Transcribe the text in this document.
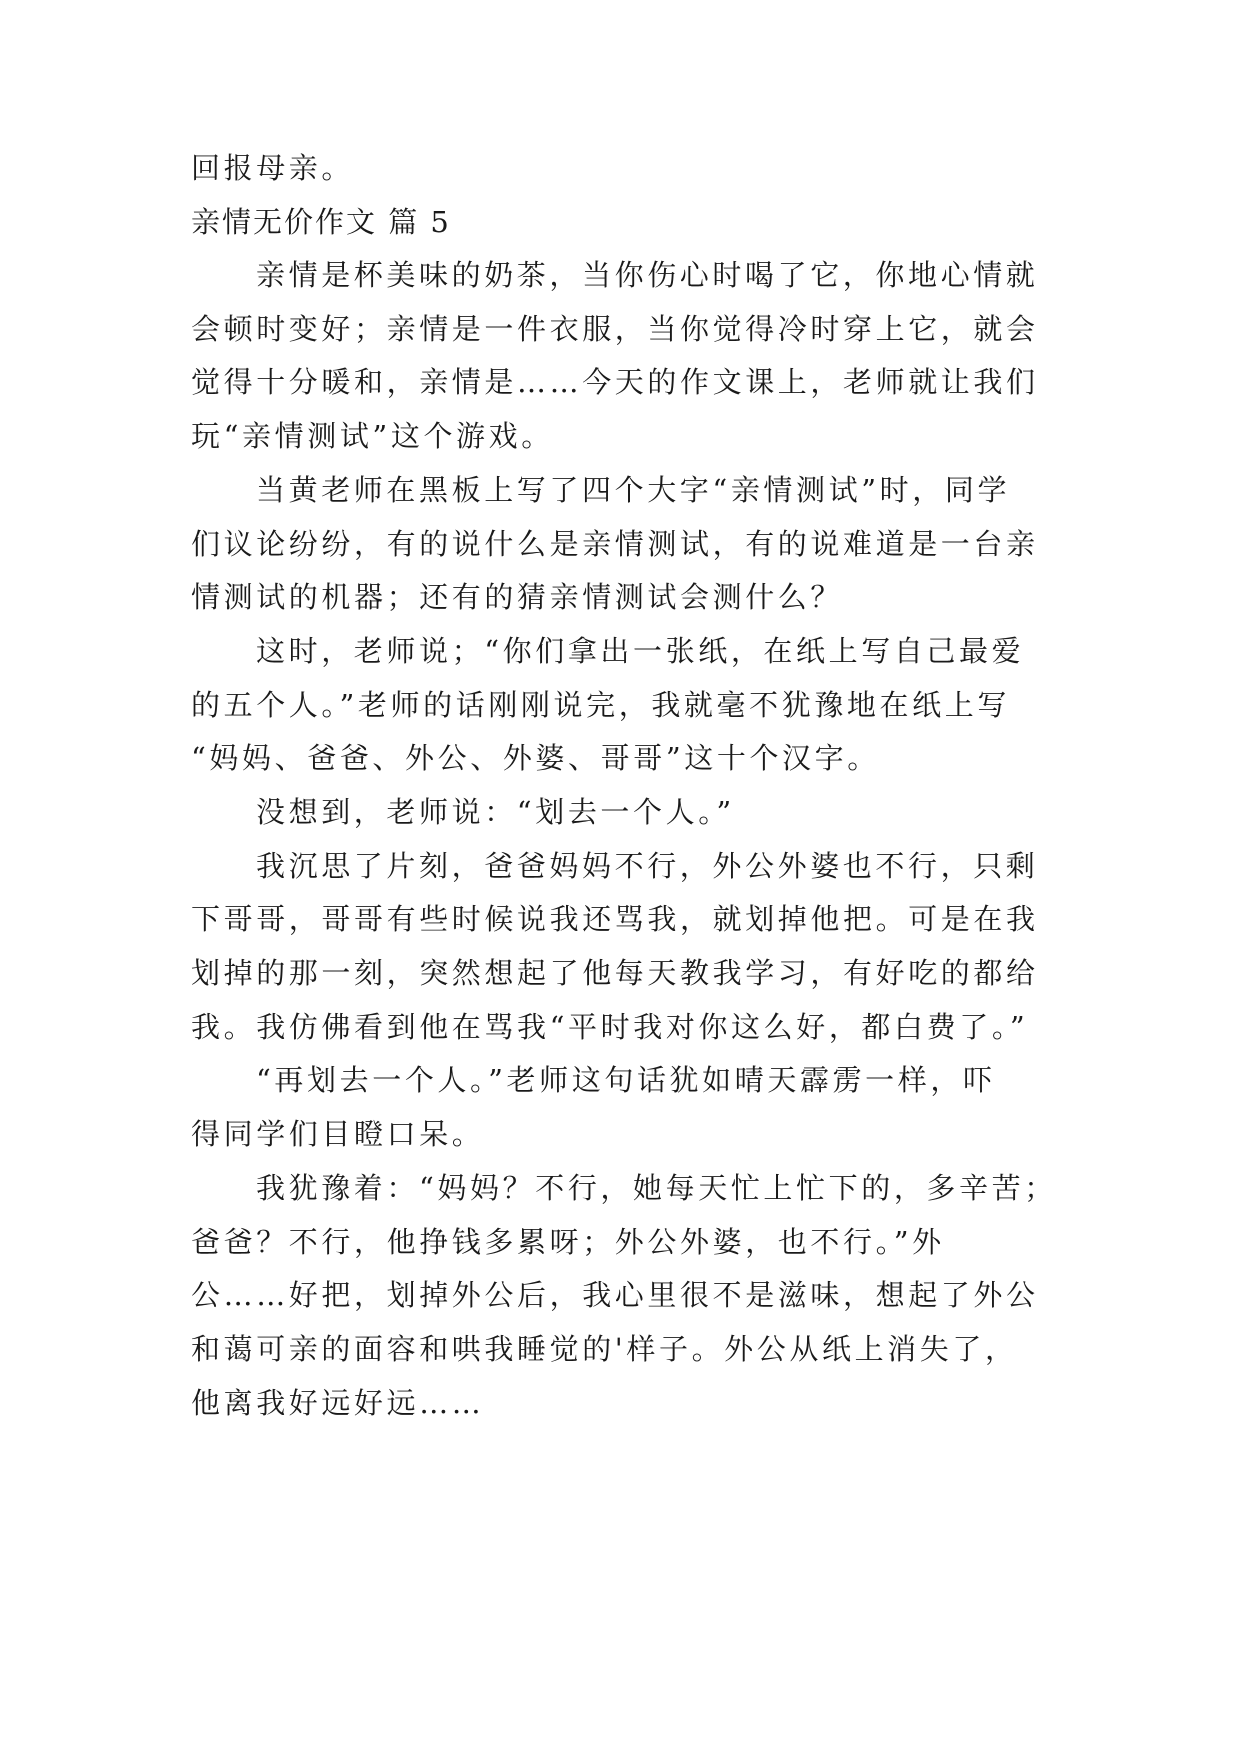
回报母亲。
亲情无价作文 篇 5
亲情是杯美味的奶茶，当你伤心时喝了它，你地心情就
会顿时变好；亲情是一件衣服，当你觉得冷时穿上它，就会
觉得十分暖和，亲情是……今天的作文课上，老师就让我们
玩“亲情测试”这个游戏。
当黄老师在黑板上写了四个大字“亲情测试”时，同学
们议论纷纷，有的说什么是亲情测试，有的说难道是一台亲
情测试的机器；还有的猜亲情测试会测什么？
这时，老师说；“你们拿出一张纸，在纸上写自己最爱
的五个人。”老师的话刚刚说完，我就毫不犹豫地在纸上写
“妈妈、爸爸、外公、外婆、哥哥”这十个汉字。
没想到，老师说：“划去一个人。”
我沉思了片刻，爸爸妈妈不行，外公外婆也不行，只剩
下哥哥，哥哥有些时候说我还骂我，就划掉他把。可是在我
划掉的那一刻，突然想起了他每天教我学习，有好吃的都给
我。我仿佛看到他在骂我“平时我对你这么好，都白费了。”
“再划去一个人。”老师这句话犹如晴天霹雳一样，吓
得同学们目瞪口呆。
我犹豫着：“妈妈？不行，她每天忙上忙下的，多辛苦；
爸爸？不行，他挣钱多累呀；外公外婆，也不行。”外
公……好把，划掉外公后，我心里很不是滋味，想起了外公
和蔼可亲的面容和哄我睡觉的'样子。外公从纸上消失了，
他离我好远好远……
